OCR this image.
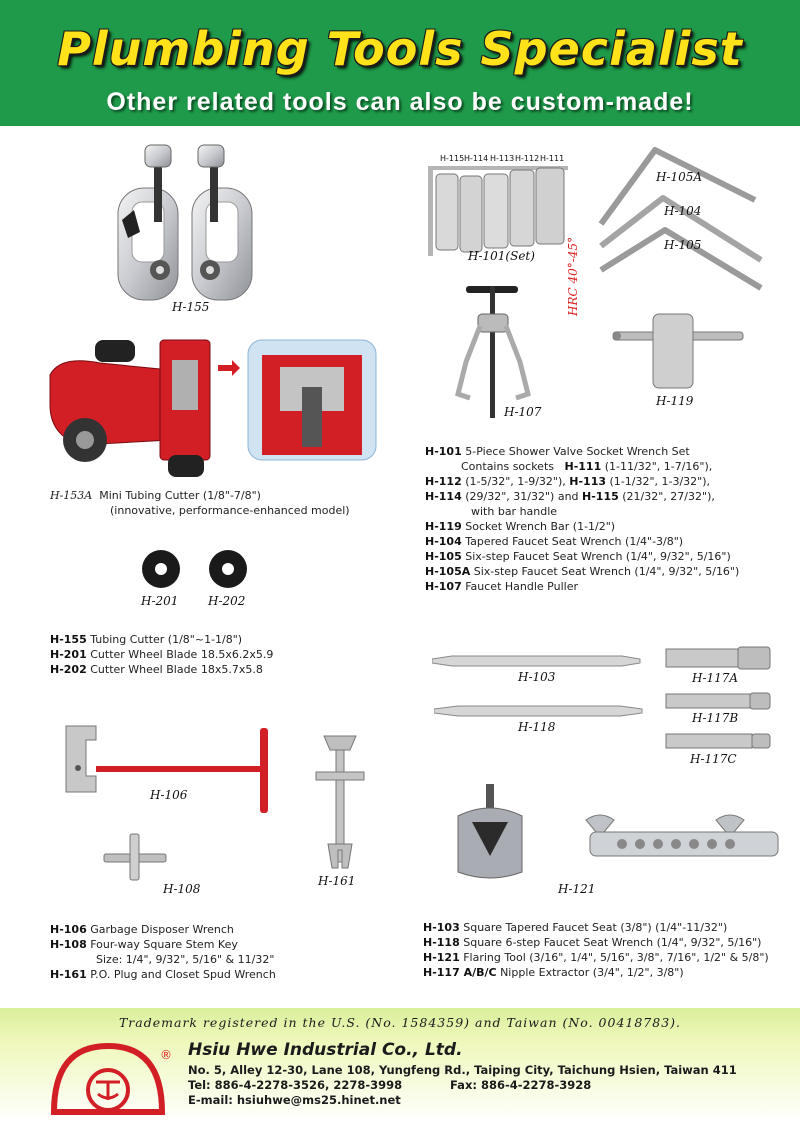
Plumbing Tools Specialist
Other related tools can also be custom-made!
H-155
H-153A Mini Tubing Cutter (1/8"-7/8")
(innovative, performance-enhanced model)
H-201 H-202
H-155 Tubing Cutter (1/8"~1-1/8")
H-201 Cutter Wheel Blade 18.5x6.2x5.9
H-202 Cutter Wheel Blade 18x5.7x5.8
H-106
H-108
H-161
H-106 Garbage Disposer Wrench
H-108 Four-way Square Stem Key
Size: 1/4", 9/32", 5/16" & 11/32"
H-161 P.O. Plug and Closet Spud Wrench
H-115 H-114 H-113 H-112 H-111
H-101(Set)
H-105A
H-104
H-105
HRC 40°-45°
H-107
H-119
H-101 5-Piece Shower Valve Socket Wrench Set
Contains sockets H-111 (1-11/32", 1-7/16"),
H-112 (1-5/32", 1-9/32"), H-113 (1-1/32", 1-3/32"),
H-114 (29/32", 31/32") and H-115 (21/32", 27/32"),
with bar handle
H-119 Socket Wrench Bar (1-1/2")
H-104 Tapered Faucet Seat Wrench (1/4"-3/8")
H-105 Six-step Faucet Seat Wrench (1/4", 9/32", 5/16")
H-105A Six-step Faucet Seat Wrench (1/4", 9/32", 5/16")
H-107 Faucet Handle Puller
H-103
H-118
H-117A
H-117B
H-117C
H-121
H-103 Square Tapered Faucet Seat (3/8") (1/4"-11/32")
H-118 Square 6-step Faucet Seat Wrench (1/4", 9/32", 5/16")
H-121 Flaring Tool (3/16", 1/4", 5/16", 3/8", 7/16", 1/2" & 5/8")
H-117 A/B/C Nipple Extractor (3/4", 1/2", 3/8")
Trademark registered in the U.S. (No. 1584359) and Taiwan (No. 00418783).
® Hsiu Hwe Industrial Co., Ltd.
No. 5, Alley 12-30, Lane 108, Yungfeng Rd., Taiping City, Taichung Hsien, Taiwan 411
Tel: 886-4-2278-3526, 2278-3998	Fax: 886-4-2278-3928
E-mail: hsiuhwe@ms25.hinet.net
